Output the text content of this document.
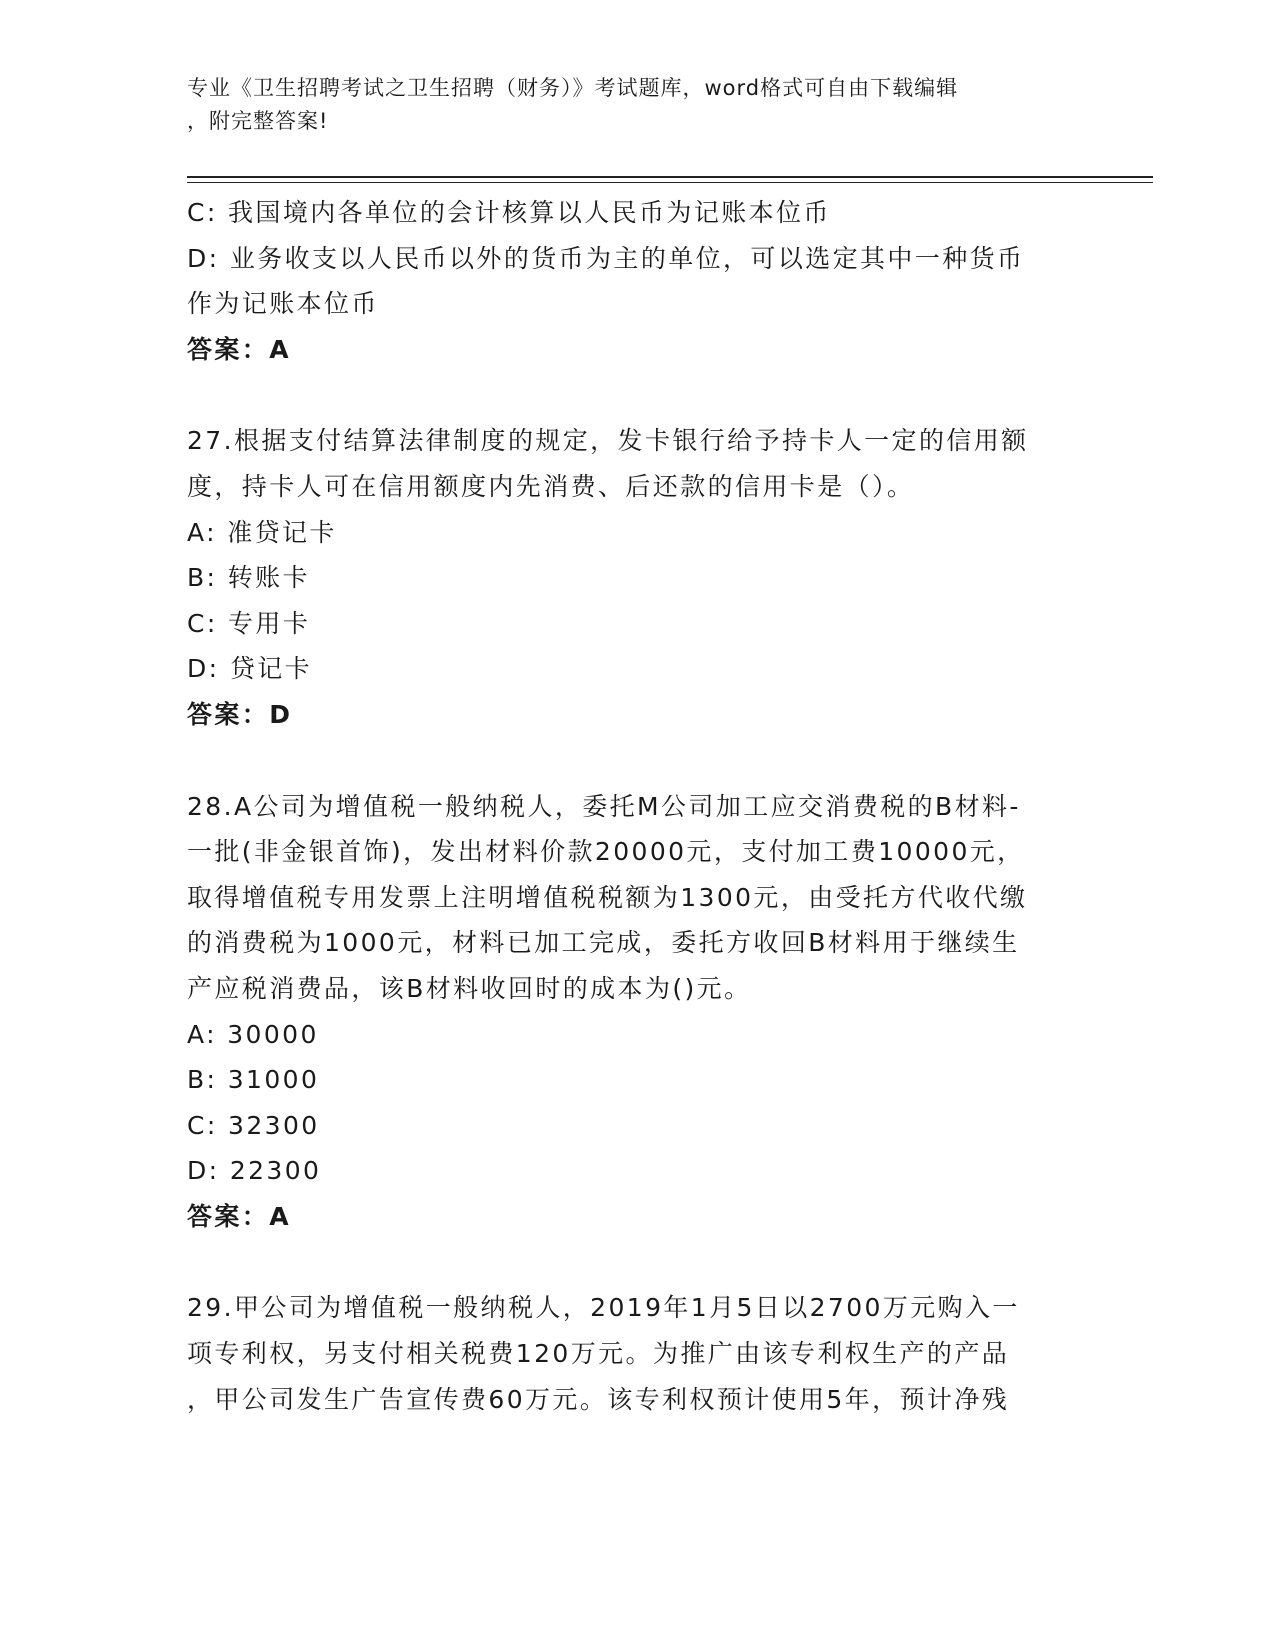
专业《卫生招聘考试之卫生招聘（财务）》考试题库，word格式可自由下载编辑

，附完整答案!

C: 我国境内各单位的会计核算以人民币为记账本位币

D: 业务收支以人民币以外的货币为主的单位，可以选定其中一种货币

作为记账本位币

答案：A

27.根据支付结算法律制度的规定，发卡银行给予持卡人一定的信用额

度，持卡人可在信用额度内先消费、后还款的信用卡是（）。

A: 准贷记卡

B: 转账卡

C: 专用卡

D: 贷记卡

答案：D

28.A公司为增值税一般纳税人，委托M公司加工应交消费税的B材料-

一批(非金银首饰)，发出材料价款20000元，支付加工费10000元，

取得增值税专用发票上注明增值税税额为1300元，由受托方代收代缴

的消费税为1000元，材料已加工完成，委托方收回B材料用于继续生

产应税消费品，该B材料收回时的成本为()元。

A: 30000

B: 31000

C: 32300

D: 22300

答案：A

29.甲公司为增值税一般纳税人，2019年1月5日以2700万元购入一

项专利权，另支付相关税费120万元。为推广由该专利权生产的产品

，甲公司发生广告宣传费60万元。该专利权预计使用5年，预计净残
